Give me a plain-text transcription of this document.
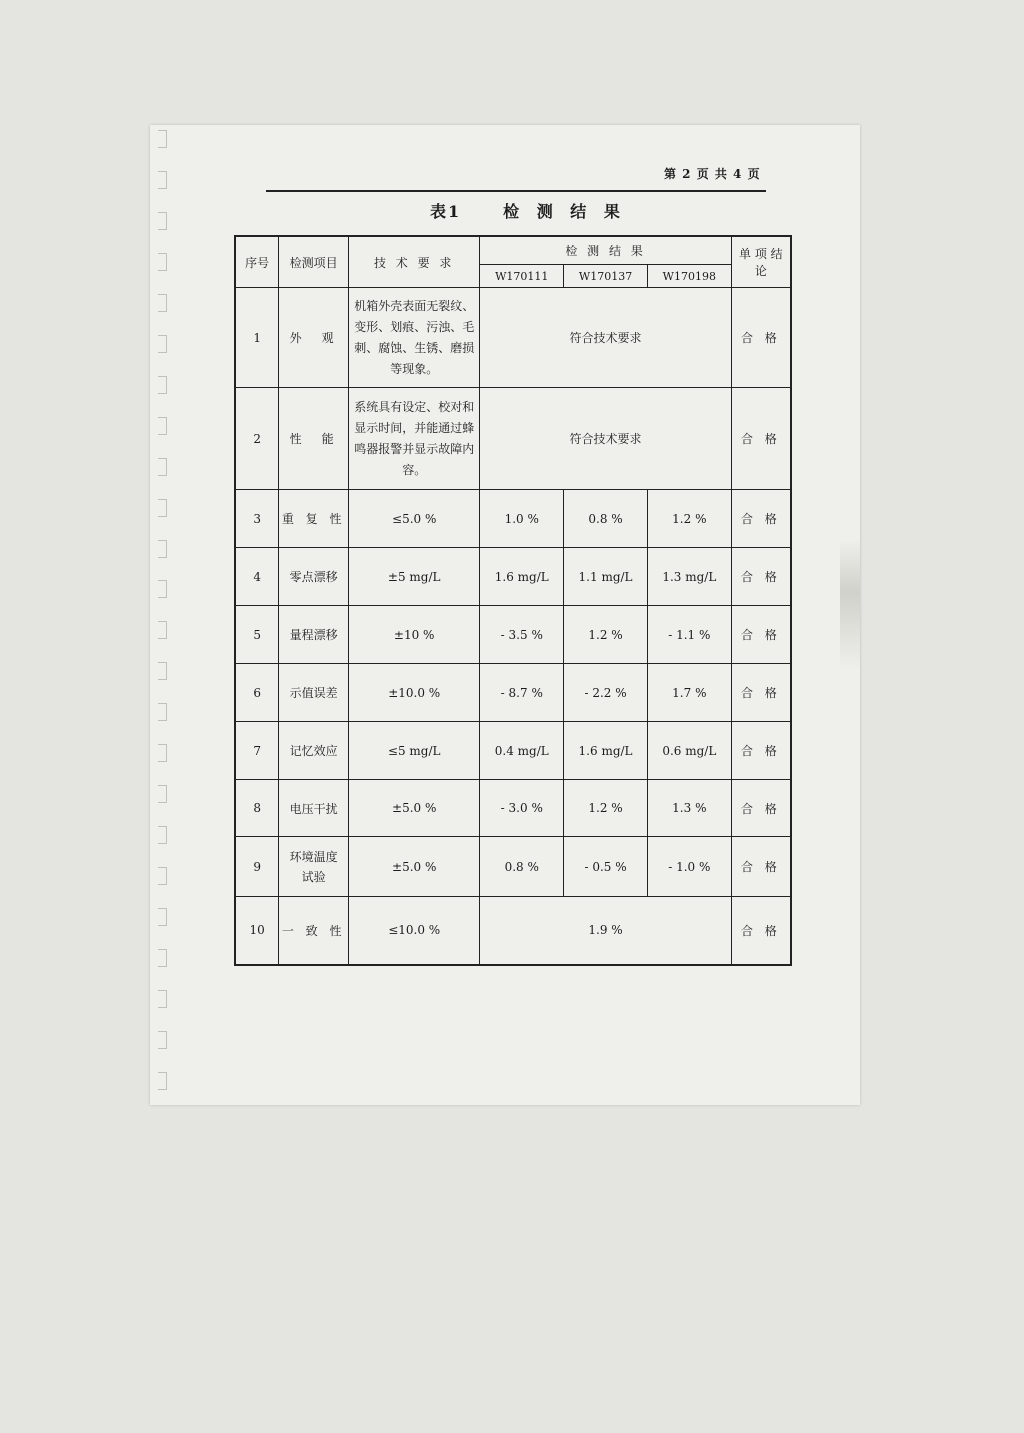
第 2 页 共 4 页
表1	检 测 结 果
序号	检测项目	技 术 要 求	检 测 结 果			单 项 结 论
			W170111	W170137	W170198	
1	外　观	机箱外壳表面无裂纹、变形、划痕、污浊、毛刺、腐蚀、生锈、磨损等现象。	符合技术要求			合 格
2	性　能	系统具有设定、校对和显示时间，并能通过蜂鸣器报警并显示故障内容。	符合技术要求			合 格
3	重 复 性	≤5.0 %	1.0 %	0.8 %	1.2 %	合 格
4	零点漂移	±5 mg/L	1.6 mg/L	1.1 mg/L	1.3 mg/L	合 格
5	量程漂移	±10 %	- 3.5 %	1.2 %	- 1.1 %	合 格
6	示值误差	±10.0 %	- 8.7 %	- 2.2 %	1.7 %	合 格
7	记忆效应	≤5 mg/L	0.4 mg/L	1.6 mg/L	0.6 mg/L	合 格
8	电压干扰	±5.0 %	- 3.0 %	1.2 %	1.3 %	合 格
9	环境温度试验	±5.0 %	0.8 %	- 0.5 %	- 1.0 %	合 格
10	一 致 性	≤10.0 %	1.9 %			合 格
